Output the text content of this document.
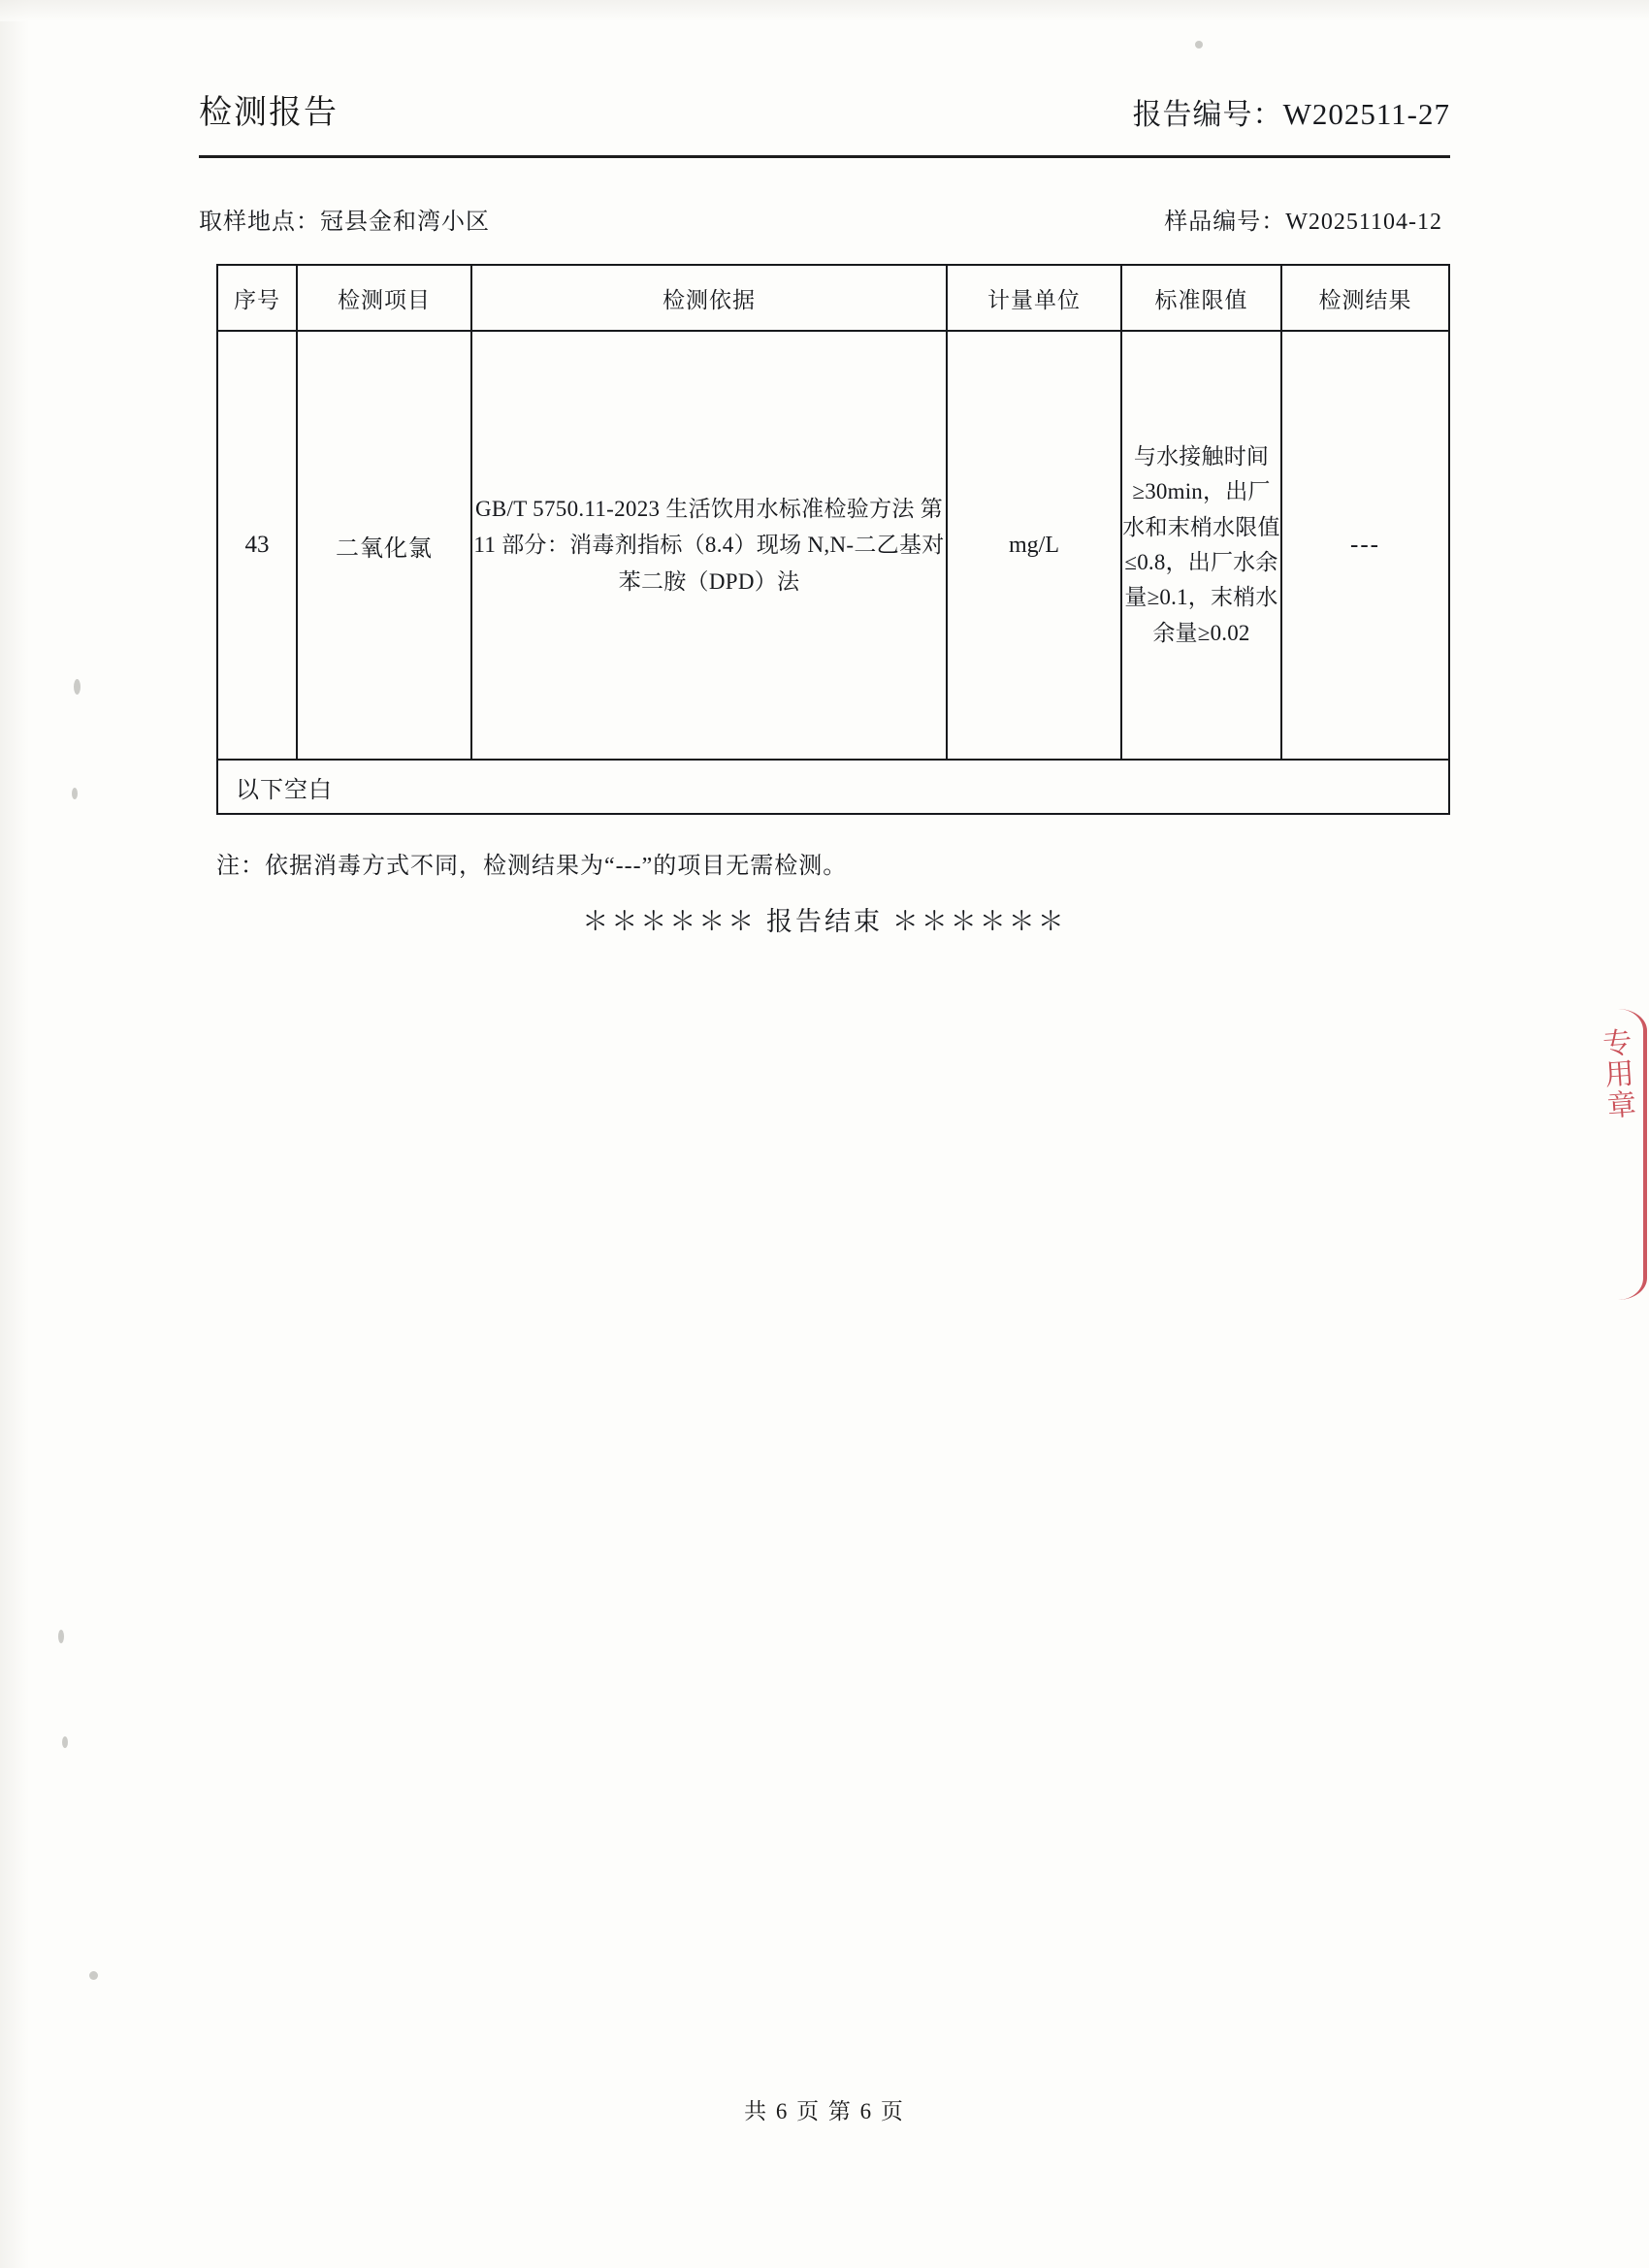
检测报告	报告编号：W202511-27
取样地点：冠县金和湾小区	样品编号：W20251104-12
序号	检测项目	检测依据	计量单位	标准限值	检测结果
43	二氧化氯	GB/T 5750.11-2023 生活饮用水标准检验方法 第 11 部分：消毒剂指标（8.4）现场 N,N-二乙基对苯二胺（DPD）法	mg/L	与水接触时间≥30min，出厂水和末梢水限值≤0.8，出厂水余量≥0.1，末梢水余量≥0.02	---
以下空白					
注：依据消毒方式不同，检测结果为“---”的项目无需检测。
＊＊＊＊＊＊ 报告结束 ＊＊＊＊＊＊
共 6 页 第 6 页
专用章
